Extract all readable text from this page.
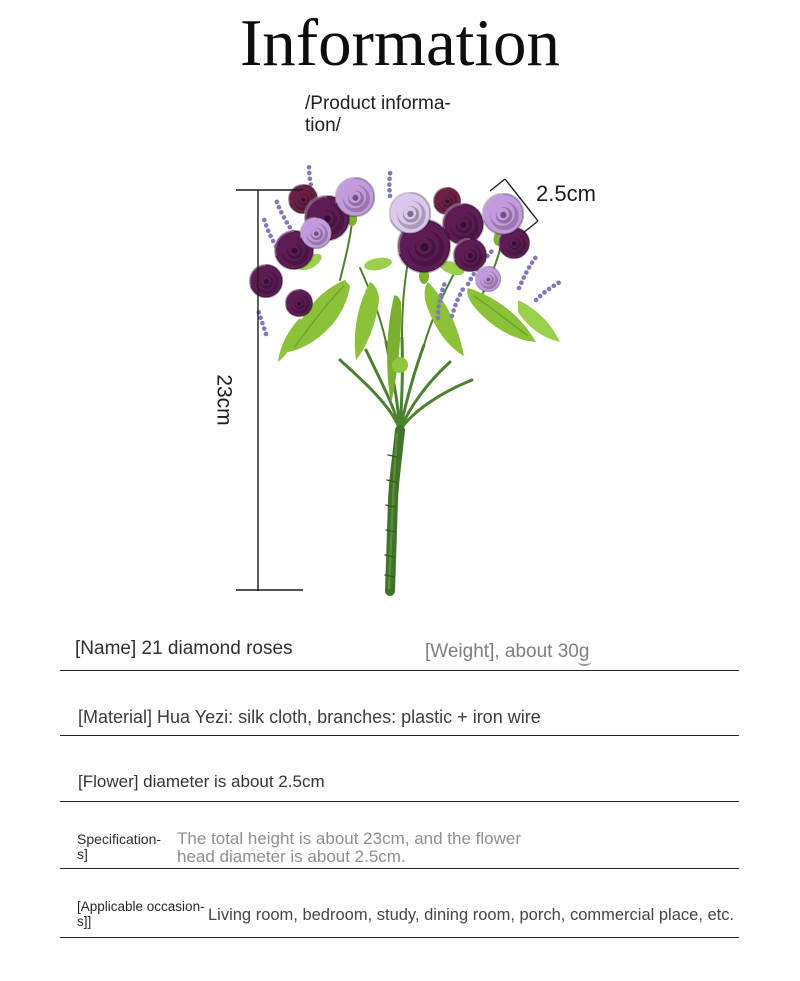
Information
/Product informa-
tion/
23cm
2.5cm
[Name] 21 diamond roses	[Weight], about 30g
[Material] Hua Yezi: silk cloth, branches: plastic + iron wire
[Flower] diameter is about 2.5cm
Specification-
s]
The total height is about 23cm, and the flower
head diameter is about 2.5cm.
[Applicable occasion-
s]]	Living room, bedroom, study, dining room, porch, commercial place, etc.
